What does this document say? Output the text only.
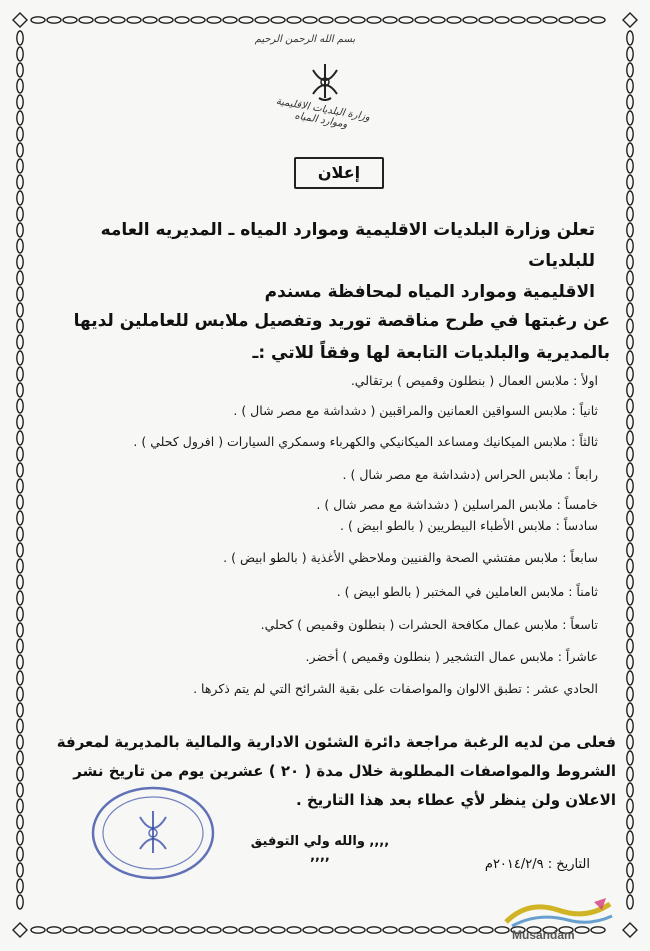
بسم الله الرحمن الرحيم
وزارة البلديات الاقليمية وموارد المياه
إعلان
تعلن وزارة البلديات الاقليمية وموارد المياه ـ المديريه العامه للبلديات
الاقليمية وموارد المياه لمحافظة مسندم
عن رغبتها في طرح مناقصة توريد وتفصيل ملابس للعاملين لديها
بالمديرية والبلديات التابعة لها وفقاً للاتي :ـ
اولأ : ملابس العمال ( بنطلون وقميص ) برتقالي.
ثانياً : ملابس السواقين العمانين والمراقبين ( دشداشة مع مصر شال ) .
ثالثاً : ملابس الميكانيك ومساعد الميكانيكي والكهرباء وسمكري السيارات ( افرول كحلي ) .
رابعاً : ملابس الحراس (دشداشة مع مصر شال ) .
خامساً : ملابس المراسلين ( دشداشة مع مصر شال ) .
سادساً : ملابس الأطباء البيطريين ( بالطو ابيض ) .
سابعاً : ملابس مفتشي الصحة والفنيين وملاحظي الأغذية ( بالطو ابيض ) .
ثامناً : ملابس العاملين في المختبر ( بالطو ابيض ) .
تاسعاً : ملابس عمال مكافحة الحشرات ( بنطلون وقميص ) كحلي.
عاشراً : ملابس عمال التشجير ( بنطلون وقميص ) أخضر.
الحادي عشر : تطبق الالوان والمواصفات على بقية الشرائح التي لم يتم ذكرها .
فعلى من لديه الرغبة مراجعة دائرة الشئون الادارية والمالية بالمديرية لمعرفة
الشروط والمواصفات المطلوبة خلال مدة ( ٢٠ ) عشرين يوم من تاريخ نشر
الاعلان ولن ينظر لأي عطاء بعد هذا التاريخ .
,,,, والله ولي التوفيق ,,,,
التاريخ : ٢٠١٤/٢/٩م
Musandam
